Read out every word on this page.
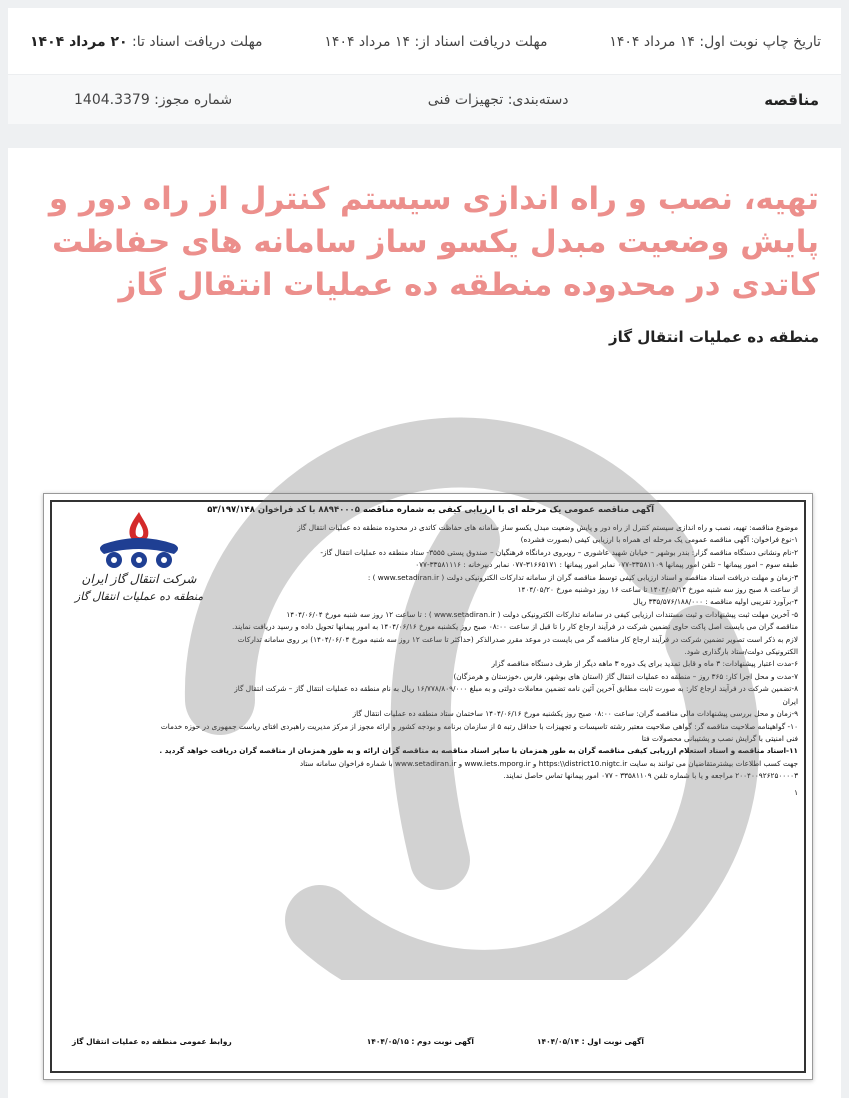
تاریخ چاپ نوبت اول: ۱۴ مرداد ۱۴۰۴
مهلت دریافت اسناد از: ۱۴ مرداد ۱۴۰۴
مهلت دریافت اسناد تا: ۲۰ مرداد ۱۴۰۴
مناقصه
دسته‌بندی: تجهیزات فنی
شماره مجوز: 1404.3379
تهیه، نصب و راه اندازی سیستم کنترل از راه دور و پایش وضعیت مبدل یکسو ساز سامانه های حفاظت کاتدی در محدوده منطقه ده عملیات انتقال گاز
منطقه ده عملیات انتقال گاز
آگهی مناقصه عمومی یک مرحله ای با ارزیابی کیفی به شماره مناقصه ۸۸۹۴۰۰۰۵ با کد فراخوان ۵۳/۱۹۷/۱۴۸
شرکت انتقال گاز ایران
منطقه ده عملیات انتقال گاز
موضوع مناقصه: تهیه، نصب و راه اندازی سیستم کنترل از راه دور و پایش وضعیت مبدل یکسو ساز سامانه های حفاظت کاتدی در محدوده منطقه ده عملیات انتقال گاز
۱-نوع فراخوان: آگهی مناقصه عمومی یک مرحله ای همراه با ارزیابی کیفی (بصورت فشرده)
۲-نام ونشانی دستگاه مناقصه گزار: بندر بوشهر – خیابان شهید عاشوری – روبروی درمانگاه فرهنگیان – صندوق پستی ۳۵۵۵- ستاد منطقه ده عملیات انتقال گاز-
طبقه سوم – امور پیمانها – تلفن امور پیمانها ۳۳۵۸۱۱۰۹-۰۷۷ نمابر امور پیمانها : ۳۱۶۶۵۱۷۱-۰۷۷ نمابر دبیرخانه : ۳۳۵۸۱۱۱۶-۰۷۷
۳-زمان و مهلت دریافت اسناد مناقصه و اسناد ارزیابی کیفی توسط مناقصه گران از سامانه تدارکات الکترونیکی دولت ( www.setadiran.ir ) :
از ساعت ۸ صبح روز سه شنبه مورخ ۱۴۰۴/۰۵/۱۴ تا ساعت ۱۶ روز دوشنبه مورخ ۱۴۰۴/۰۵/۲۰
۴-برآورد تقریبی اولیه مناقصه : ۳۳۵/۵۷۶/۱۸۸/۰۰۰ ریال
۵- آخرین مهلت ثبت پیشنهادات و ثبت مستندات ارزیابی کیفی در سامانه تدارکات الکترونیکی دولت ( www.setadiran.ir ) : تا ساعت ۱۲ روز سه شنبه مورخ ۱۴۰۴/۰۶/۰۴
مناقصه گران می بایست اصل پاکت حاوی تضمین شرکت در فرآیند ارجاع کار را تا قبل از ساعت ۰۸:۰۰ صبح روز یکشنبه مورخ ۱۴۰۴/۰۶/۱۶ به امور پیمانها تحویل داده و رسید دریافت نمایند.
لازم به ذکر است تصویر تضمین شرکت در فرآیند ارجاع کار مناقصه گر می بایست در موعد مقرر صدرالذکر (حداکثر تا ساعت ۱۲ روز سه شنبه مورخ ۱۴۰۴/۰۶/۰۴) بر روی سامانه تدارکات
الکترونیکی دولت/ستاد بارگذاری شود.
۶-مدت اعتبار پیشنهادات: ۳ ماه و قابل تمدید برای یک دوره ۳ ماهه دیگر از طرف دستگاه مناقصه گزار
۷-مدت و محل اجرا کار: ۳۶۵ روز – منطقه ده عملیات انتقال گاز (استان های بوشهر، فارس ،خوزستان و هرمزگان)
۸-تضمین شرکت در فرآیند ارجاع کار: به صورت ثابت مطابق آخرین آئین نامه تضمین معاملات دولتی و به مبلغ ۱۶/۷۷۸/۸۰۹/۰۰۰ ریال به نام منطقه ده عملیات انتقال گاز – شرکت انتقال گاز
ایران
۹-زمان و محل بررسی پیشنهادات مالی مناقصه گران: ساعت ۰۸:۰۰ صبح روز یکشنبه مورخ ۱۴۰۴/۰۶/۱۶ ساختمان ستاد منطقه ده عملیات انتقال گاز
۱۰- گواهینامه صلاحیت مناقصه گر: گواهی صلاحیت معتبر رشته تاسیسات و تجهیزات با حداقل رتبه ۵ از سازمان برنامه و بودجه کشور و ارائه مجوز از مرکز مدیریت راهبردی افتای ریاست جمهوری در حوزه خدمات
فنی امنیتی با گرایش نصب و پشتیبانی محصولات فتا
۱۱-اسناد مناقصه و اسناد استعلام ارزیابی کیفی مناقصه گران به طور همزمان با سایر اسناد مناقصه به مناقصه گران ارائه و به طور همزمان از مناقصه گران دریافت خواهد گردید .
جهت کسب اطلاعات بیشترمتقاضیان می توانند به سایت https:\\district10.nigtc.ir و www.iets.mporg.ir و www.setadiran.ir با شماره فراخوان سامانه ستاد
۲۰۰۴۰۰۹۲۶۲۵۰۰۰۰۳ مراجعه و یا با شماره تلفن ۳۳۵۸۱۱۰۹ - ۰۷۷ امور پیمانها تماس حاصل نمایند.
۱
آگهی نوبت اول : ۱۴۰۴/۰۵/۱۴
آگهی نوبت دوم : ۱۴۰۴/۰۵/۱۵
روابط عمومی منطقه ده عملیات انتقال گاز
